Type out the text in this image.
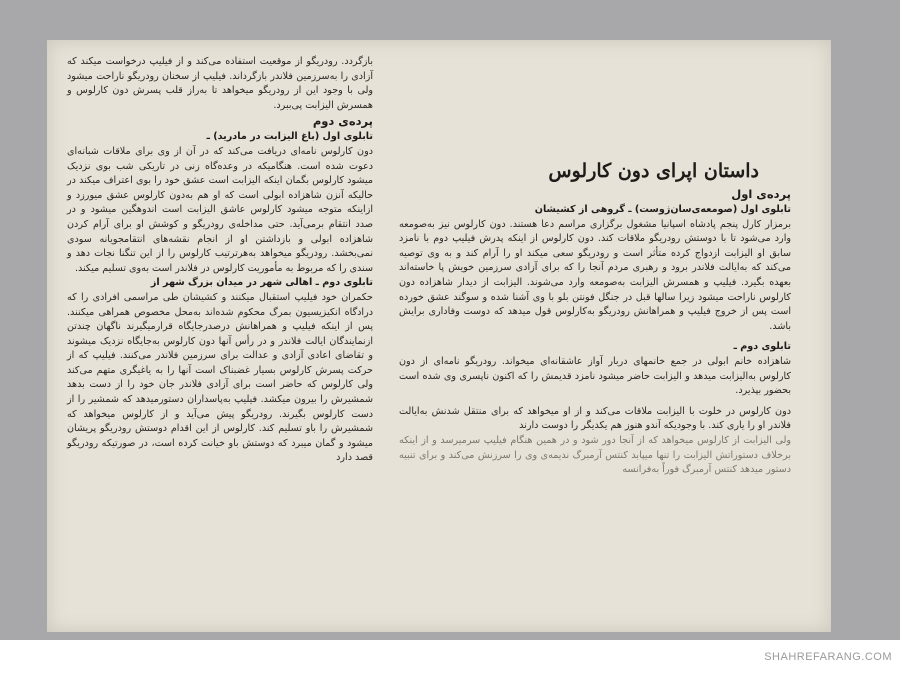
داستان اپرای دون کارلوس

پرده‌ی اول

تابلوی اول (صومعه‌ی‌سان‌ژوست) ـ گروهی از کشیشان

برمزار کارل پنجم پادشاه اسپانیا مشغول برگزاری مراسم دعا هستند. دون کارلوس نیز به‌صومعه وارد می‌شود تا با دوستش رودریگو ملاقات کند. دون کارلوس از اینکه پدرش فیلیپ دوم با نامزد سابق او الیزابت ازدواج کرده متأثر است و رودریگو سعی میکند او را آرام کند و به وی توصیه می‌کند که به‌ایالت فلاندر برود و رهبری مردم آنجا را که برای آزادی سرزمین خویش پا خاسته‌اند بعهده بگیرد. فیلیپ و همسرش الیزابت به‌صومعه وارد می‌شوند. الیزابت از دیدار شاهزاده دون کارلوس ناراحت میشود زیرا سالها قبل در جنگل فونتن بلو با وی آشنا شده و سوگند عشق خورده است پس از خروج فیلیپ و همراهانش رودریگو به‌کارلوس قول میدهد که دوست وفاداری برایش باشد.

تابلوی دوم ـ

شاهزاده خانم ابولی در جمع خانمهای دربار آواز عاشقانه‌ای میخواند. رودریگو نامه‌ای از دون کارلوس به‌الیزابت میدهد و الیزابت حاضر میشود نامزد قدیمش را که اکنون ناپسری وی شده است بحضور بپذیرد.

دون کارلوس در خلوت با الیزابت ملاقات می‌کند و از او میخواهد که برای منتقل شدنش به‌ایالت فلاندر او را یاری کند. با وجودیکه آندو هنوز هم یکدیگر را دوست دارند

ولی الیزابت از کارلوس میخواهد که از آنجا دور شود و در همین هنگام فیلیپ سرمیرسد و از اینکه برخلاف دستوراتش الیزابت را تنها میپابد کنتس آرمبرگ ندیمه‌ی وی را سرزنش می‌کند و برای تنبیه دستور میدهد کنتس آرمبرگ فوراً به‌فرانسه

بازگردد. رودریگو از موقعیت استفاده می‌کند و از فیلیپ درخواست میکند که آزادی را به‌سرزمین فلاندر بازگرداند. فیلیپ از سخنان رودریگو ناراحت میشود ولی با وجود این از رودریگو میخواهد تا به‌راز قلب پسرش دون کارلوس و همسرش الیزابت پی‌ببرد.

پرده‌ی دوم

تابلوی اول (باغ الیزابت در مادرید) ـ

دون کارلوس نامه‌ای دریافت می‌کند که در آن از وی برای ملاقات شبانه‌ای دعوت شده است. هنگامیکه در وعده‌گاه زنی در تاریکی شب بوی نزدیک میشود کارلوس بگمان اینکه الیزابت است عشق خود را بوی اعتراف میکند در حالیکه آنزن شاهزاده ابولی است که او هم به‌دون کارلوس عشق میورزد و ازاینکه متوجه میشود کارلوس عاشق الیزابت است اندوهگین میشود و در صدد انتقام برمی‌آید. حتی مداخله‌ی رودریگو و کوشش او برای آرام کردن شاهزاده ابولی و بازداشتن او از انجام نقشه‌های انتقامجویانه سودی نمی‌بخشد. رودریگو میخواهد به‌هرترتیب کارلوس را از این تنگنا نجات دهد و سندی را که مربوط به مأموریت کارلوس در فلاندر است به‌وی تسلیم میکند.

تابلوی دوم ـ اهالی شهر در میدان بزرگ شهر از

حکمران خود فیلیپ استقبال میکنند و کشیشان طی مراسمی افرادی را که درادگاه انکیزیسیون بمرگ محکوم شده‌اند به‌محل مخصوص همراهی میکنند. پس از اینکه فیلیپ و همراهانش درصدرجایگاه قرارمیگیرند ناگهان چندتن ازنمایندگان ایالت فلاندر و در رأس آنها دون کارلوس به‌جایگاه نزدیک میشوند و تقاضای اعادی آزادی و عدالت برای سرزمین فلاندر می‌کنند. فیلیپ که از حرکت پسرش کارلوس بسیار غضبناک است آنها را به یاغیگری متهم می‌کند ولی کارلوس که حاضر است برای آزادی فلاندر جان خود را از دست بدهد شمشیرش را بیرون میکشد. فیلیپ به‌پاسداران دستورمیدهد که شمشیر را از دست کارلوس بگیرند. رودریگو پیش می‌آید و از کارلوس میخواهد که شمشیرش را باو تسلیم کند. کارلوس از این اقدام دوستش رودریگو پریشان میشود و گمان میبرد که دوستش باو خیانت کرده است، در صورتیکه رودریگو قصد دارد

SHAHREFARANG.COM
